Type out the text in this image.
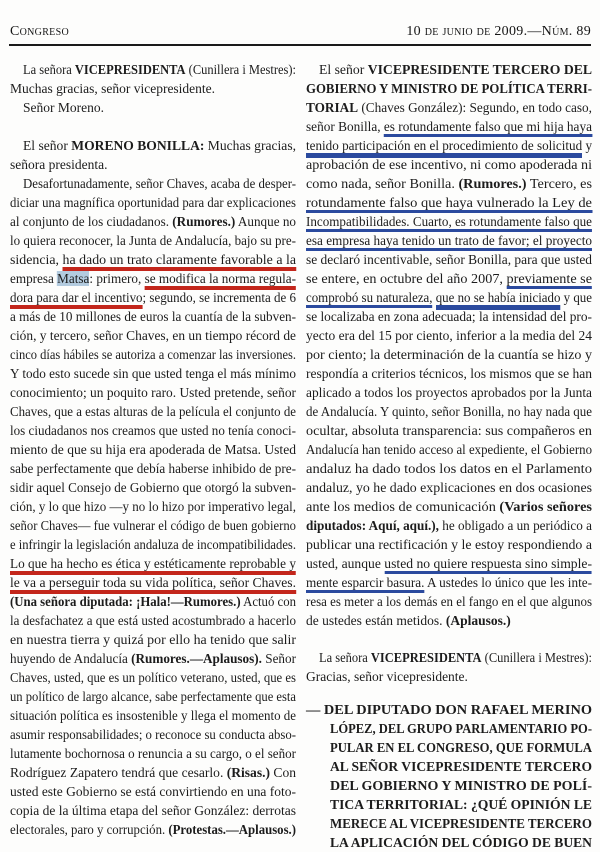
Congreso	10 de junio de 2009.—Núm. 89
La señora VICEPRESIDENTA (Cunillera i Mestres):
Muchas gracias, señor vicepresidente.
Señor Moreno.
El señor MORENO BONILLA: Muchas gracias,
señora presidenta.
Desafortunadamente, señor Chaves, acaba de desper-
diciar una magnífica oportunidad para dar explicaciones
al conjunto de los ciudadanos. (Rumores.) Aunque no
lo quiera reconocer, la Junta de Andalucía, bajo su pre-
sidencia, ha dado un trato claramente favorable a la
empresa Matsa: primero, se modifica la norma regula-
dora para dar el incentivo; segundo, se incrementa de 6
a más de 10 millones de euros la cuantía de la subven-
ción, y tercero, señor Chaves, en un tiempo récord de
cinco días hábiles se autoriza a comenzar las inversiones.
Y todo esto sucede sin que usted tenga el más mínimo
conocimiento; un poquito raro. Usted pretende, señor
Chaves, que a estas alturas de la película el conjunto de
los ciudadanos nos creamos que usted no tenía conoci-
miento de que su hija era apoderada de Matsa. Usted
sabe perfectamente que debía haberse inhibido de pre-
sidir aquel Consejo de Gobierno que otorgó la subven-
ción, y lo que hizo —y no lo hizo por imperativo legal,
señor Chaves— fue vulnerar el código de buen gobierno
e infringir la legislación andaluza de incompatibilidades.
Lo que ha hecho es ética y estéticamente reprobable y
le va a perseguir toda su vida política, señor Chaves.
(Una señora diputada: ¡Hala!—Rumores.) Actuó con
la desfachatez a que está usted acostumbrado a hacerlo
en nuestra tierra y quizá por ello ha tenido que salir
huyendo de Andalucía (Rumores.—Aplausos). Señor
Chaves, usted, que es un político veterano, usted, que es
un político de largo alcance, sabe perfectamente que esta
situación política es insostenible y llega el momento de
asumir responsabilidades; o reconoce su conducta abso-
lutamente bochornosa o renuncia a su cargo, o el señor
Rodríguez Zapatero tendrá que cesarlo. (Risas.) Con
usted este Gobierno se está convirtiendo en una foto-
copia de la última etapa del señor González: derrotas
electorales, paro y corrupción. (Protestas.—Aplausos.)
El señor VICEPRESIDENTE TERCERO DEL
GOBIERNO Y MINISTRO DE POLÍTICA TERRI-
TORIAL (Chaves González): Segundo, en todo caso,
señor Bonilla, es rotundamente falso que mi hija haya
tenido participación en el procedimiento de solicitud y
aprobación de ese incentivo, ni como apoderada ni
como nada, señor Bonilla. (Rumores.) Tercero, es
rotundamente falso que haya vulnerado la Ley de
Incompatibilidades. Cuarto, es rotundamente falso que
esa empresa haya tenido un trato de favor; el proyecto
se declaró incentivable, señor Bonilla, para que usted
se entere, en octubre del año 2007, previamente se
comprobó su naturaleza, que no se había iniciado y que
se localizaba en zona adecuada; la intensidad del pro-
yecto era del 15 por ciento, inferior a la media del 24
por ciento; la determinación de la cuantía se hizo y
respondía a criterios técnicos, los mismos que se han
aplicado a todos los proyectos aprobados por la Junta
de Andalucía. Y quinto, señor Bonilla, no hay nada que
ocultar, absoluta transparencia: sus compañeros en
Andalucía han tenido acceso al expediente, el Gobierno
andaluz ha dado todos los datos en el Parlamento
andaluz, yo he dado explicaciones en dos ocasiones
ante los medios de comunicación (Varios señores
diputados: Aquí, aquí.), he obligado a un periódico a
publicar una rectificación y le estoy respondiendo a
usted, aunque usted no quiere respuesta sino simple-
mente esparcir basura. A ustedes lo único que les inte-
resa es meter a los demás en el fango en el que algunos
de ustedes están metidos. (Aplausos.)
La señora VICEPRESIDENTA (Cunillera i Mestres):
Gracias, señor vicepresidente.
— DEL DIPUTADO DON RAFAEL MERINO
LÓPEZ, DEL GRUPO PARLAMENTARIO PO-
PULAR EN EL CONGRESO, QUE FORMULA
AL SEÑOR VICEPRESIDENTE TERCERO
DEL GOBIERNO Y MINISTRO DE POLÍ-
TICA TERRITORIAL: ¿QUÉ OPINIÓN LE
MERECE AL VICEPRESIDENTE TERCERO
LA APLICACIÓN DEL CÓDIGO DE BUEN
